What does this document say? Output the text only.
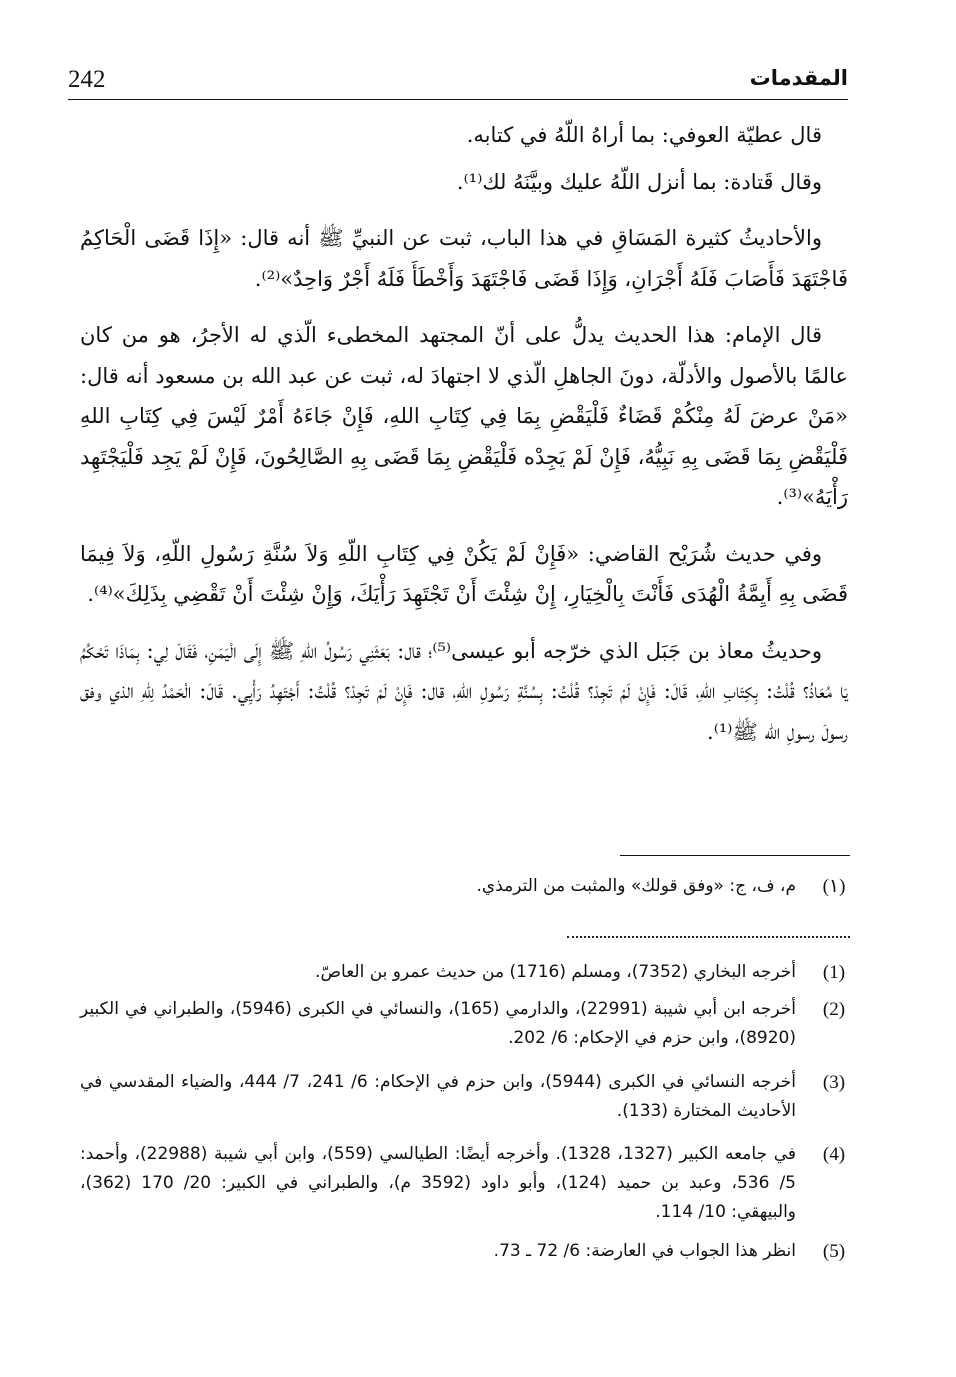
242	المقدمات

قال عطيّة العوفي: بما أراهُ اللّهُ في كتابه.

وقال قَتادة: بما أنزل اللّهُ عليك وبيَّنَهُ لك⁽¹⁾.

والأحاديثُ كثيرة المَسَاقِ في هذا الباب، ثبت عن النبيِّ ﷺ أنه قال: «إِذَا قَضَى الْحَاكِمُ فَاجْتَهَدَ فَأَصَابَ فَلَهُ أَجْرَانِ، وَإِذَا قَضَى فَاجْتَهَدَ وَأَخْطَأَ فَلَهُ أَجْرٌ وَاحِدٌ»⁽²⁾.

قال الإمام: هذا الحديث يدلُّ على أنّ المجتهد المخطىء الّذي له الأجرُ، هو من كان عالمًا بالأصول والأدلّة، دونَ الجاهلِ الّذي لا اجتهادَ له، ثبت عن عبد الله بن مسعود أنه قال: «مَنْ عرضَ لَهُ مِنْكُمْ قَضَاءٌ فَلْيَقْضِ بِمَا فِي كِتَابِ اللهِ، فَإِنْ جَاءَهُ أَمْرٌ لَيْسَ فِي كِتَابِ اللهِ فَلْيَقْضِ بِمَا قَضَى بِهِ نَبِيُّهُ، فَإِنْ لَمْ يَجِدْه فَلْيَقْضِ بِمَا قَضَى بِهِ الصَّالِحُونَ، فَإِنْ لَمْ يَجِد فَلْيَجْتَهِد رَأْيَهُ»⁽³⁾.

وفي حديث شُرَيْح القاضي: «فَإِنْ لَمْ يَكُنْ فِي كِتَابِ اللّهِ وَلاَ سُنَّةِ رَسُولِ اللّهِ، وَلاَ فِيمَا قَضَى بِهِ أَيِمَّةُ الْهُدَى فَأَنْتَ بِالْخِيَارِ، إِنْ شِئْتَ أَنْ تَجْتَهِدَ رَأْيَكَ، وَإِنْ شِئْتَ أَنْ تَقْضِي بِذَلِكَ»⁽⁴⁾.

وحديثُ معاذ بن جَبَل الذي خرّجه أبو عيسى⁽⁵⁾؛ قال: بَعَثَنِي رَسُولُ اللّهِ ﷺ إِلَى الْيَمَنِ، فَقَالَ لِي: بِمَاذَا تَحْكُمُ يَا مُعَاذُ؟ قُلْتُ: بِكِتَابِ اللّهِ، قَالَ: فَإِنْ لَمْ تَجِدْ؟ قُلْتُ: بِسُنَّةِ رَسُولِ اللّهِ، قال: فَإِنْ لَمْ تَجِدْ؟ قُلْتُ: أَجْتَهِدُ رَأْيِي. قَالَ: الْحَمْدُ لِلّهِ الذي وفق رسولَ رسولِ الله ﷺ⁽¹⁾.

(١)
م، ف، ج: «وفق قولك» والمثبت من الترمذي.
(1)
أخرجه البخاري (7352)، ومسلم (1716) من حديث عمرو بن العاصّ.
(2)
أخرجه ابن أبي شيبة (22991)، والدارمي (165)، والنسائي في الكبرى (5946)، والطبراني في الكبير (8920)، وابن حزم في الإحكام: 6/ 202.
(3)
أخرجه النسائي في الكبرى (5944)، وابن حزم في الإحكام: 6/ 241، 7/ 444، والضياء المقدسي في الأحاديث المختارة (133).
(4)
في جامعه الكبير (1327، 1328). وأخرجه أيضًا: الطيالسي (559)، وابن أبي شيبة (22988)، وأحمد: 5/ 536، وعبد بن حميد (124)، وأبو داود (3592 م)، والطبراني في الكبير: 20/ 170 (362)، والبيهقي: 10/ 114.
(5)
انظر هذا الجواب في العارضة: 6/ 72 ـ 73.
